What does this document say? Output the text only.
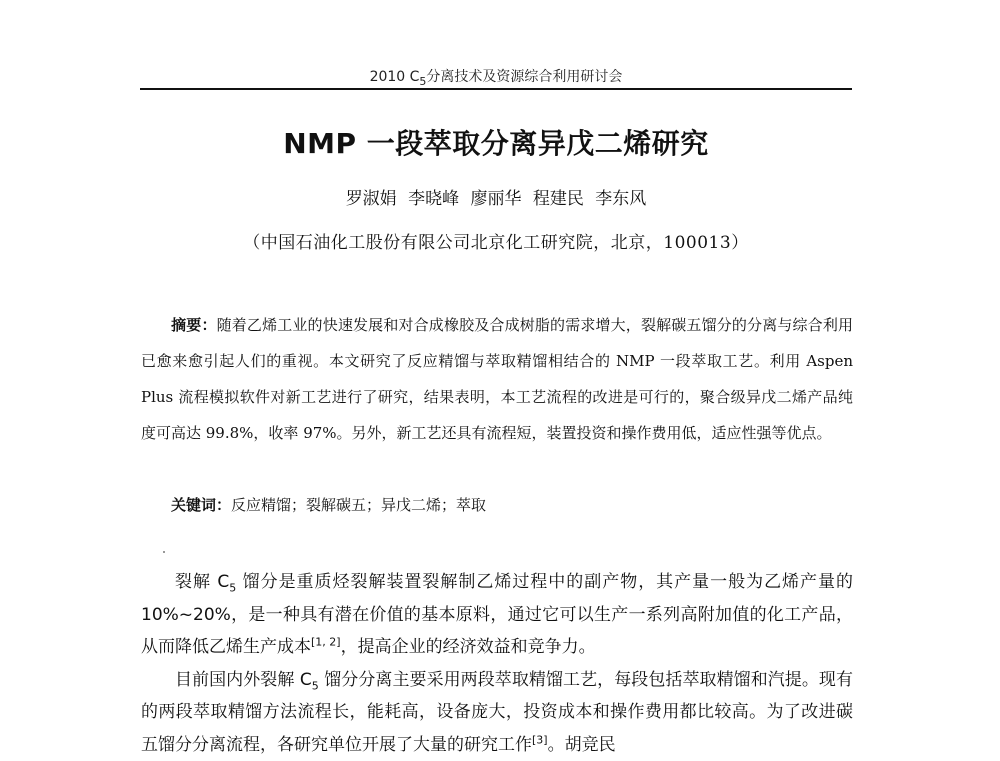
2010 $C_5$分离技术及资源综合利用研讨会
NMP 一段萃取分离异戊二烯研究
罗淑娟 李晓峰 廖丽华 程建民 李东风
（中国石油化工股份有限公司北京化工研究院，北京，100013）
摘要：随着乙烯工业的快速发展和对合成橡胶及合成树脂的需求增大，裂解碳五馏分的分离与综合利用已愈来愈引起人们的重视。本文研究了反应精馏与萃取精馏相结合的 NMP 一段萃取工艺。利用 Aspen Plus 流程模拟软件对新工艺进行了研究，结果表明，本工艺流程的改进是可行的，聚合级异戊二烯产品纯度可高达 99.8%，收率 97%。另外，新工艺还具有流程短，装置投资和操作费用低，适应性强等优点。
关键词：反应精馏；裂解碳五；异戊二烯；萃取

裂解 $C_5$ 馏分是重质烃裂解装置裂解制乙烯过程中的副产物，其产量一般为乙烯产量的 10%~20%，是一种具有潜在价值的基本原料，通过它可以生产一系列高附加值的化工产品，从而降低乙烯生产成本[1, 2]，提高企业的经济效益和竞争力。

目前国内外裂解 $C_5$ 馏分分离主要采用两段萃取精馏工艺，每段包括萃取精馏和汽提。现有的两段萃取精馏方法流程长，能耗高，设备庞大，投资成本和操作费用都比较高。为了改进碳五馏分分离流程，各研究单位开展了大量的研究工作[3]。胡竞民
